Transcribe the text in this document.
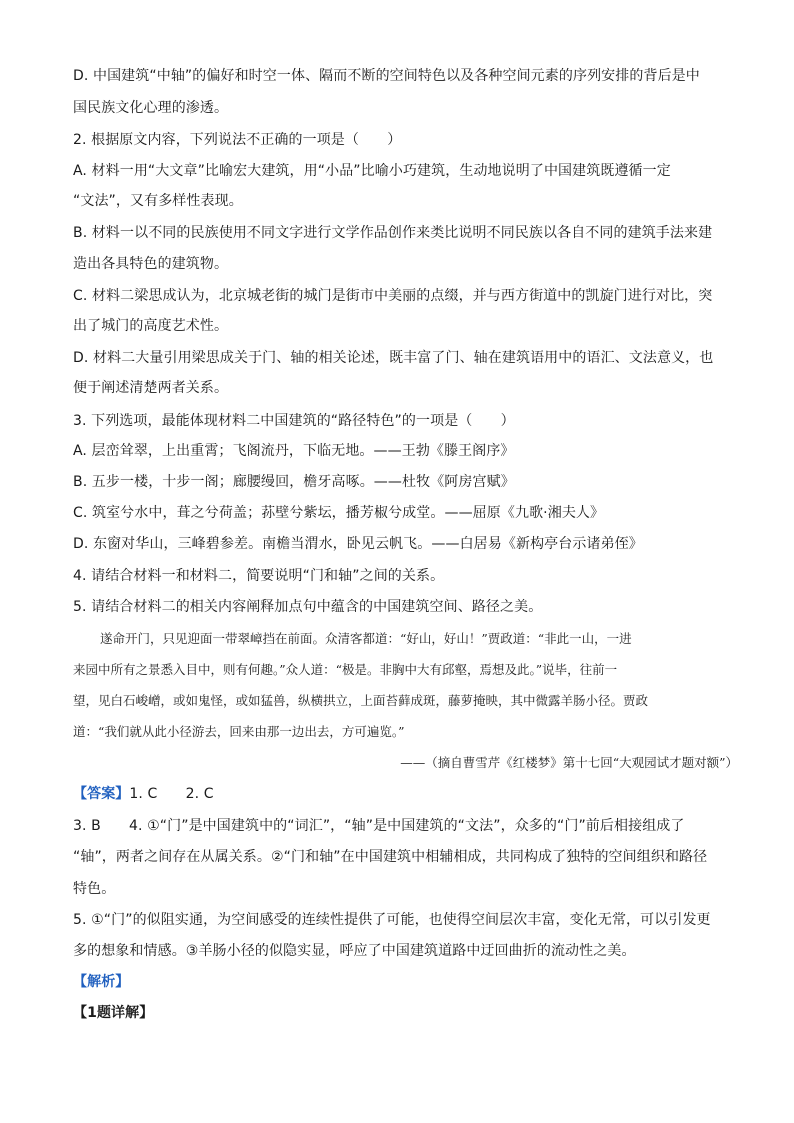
D. 中国建筑“中轴”的偏好和时空一体、隔而不断的空间特色以及各种空间元素的序列安排的背后是中
国民族文化心理的渗透。
2. 根据原文内容，下列说法不正确的一项是（　　）
A. 材料一用“大文章”比喻宏大建筑，用“小品”比喻小巧建筑，生动地说明了中国建筑既遵循一定
“文法”，又有多样性表现。
B. 材料一以不同的民族使用不同文字进行文学作品创作来类比说明不同民族以各自不同的建筑手法来建
造出各具特色的建筑物。
C. 材料二梁思成认为，北京城老街的城门是街市中美丽的点缀，并与西方街道中的凯旋门进行对比，突
出了城门的高度艺术性。
D. 材料二大量引用梁思成关于门、轴的相关论述，既丰富了门、轴在建筑语用中的语汇、文法意义，也
便于阐述清楚两者关系。
3. 下列选项，最能体现材料二中国建筑的“路径特色”的一项是（　　）
A. 层峦耸翠，上出重霄；飞阁流丹，下临无地。——王勃《滕王阁序》
B. 五步一楼，十步一阁；廊腰缦回，檐牙高啄。——杜牧《阿房宫赋》
C. 筑室兮水中，葺之兮荷盖；荪壁兮紫坛，播芳椒兮成堂。——屈原《九歌·湘夫人》
D. 东窗对华山，三峰碧参差。南檐当渭水，卧见云帆飞。——白居易《新构亭台示诸弟侄》
4. 请结合材料一和材料二，简要说明“门和轴”之间的关系。
5. 请结合材料二的相关内容阐释加点句中蕴含的中国建筑空间、路径之美。
遂命开门，只见迎面一带翠嶂挡在前面。众清客都道：“好山，好山！”贾政道：“非此一山，一进
来园中所有之景悉入目中，则有何趣。”众人道：“极是。非胸中大有邱壑，焉想及此。”说毕，往前一
望，见白石峻嶒，或如鬼怪，或如猛兽，纵横拱立，上面苔藓成斑，藤萝掩映，其中微露羊肠小径。贾政
道：“我们就从此小径游去，回来由那一边出去，方可遍览。”
——（摘自曹雪芹《红楼梦》第十七回“大观园试才题对额”）
【答案】1. C　　2. C
3. B　　4. ①“门”是中国建筑中的“词汇”，“轴”是中国建筑的“文法”，众多的“门”前后相接组成了
“轴”，两者之间存在从属关系。②“门和轴”在中国建筑中相辅相成，共同构成了独特的空间组织和路径
特色。
5. ①“门”的似阻实通，为空间感受的连续性提供了可能，也使得空间层次丰富，变化无常，可以引发更
多的想象和情感。③羊肠小径的似隐实显，呼应了中国建筑道路中迂回曲折的流动性之美。
【解析】
【1题详解】
